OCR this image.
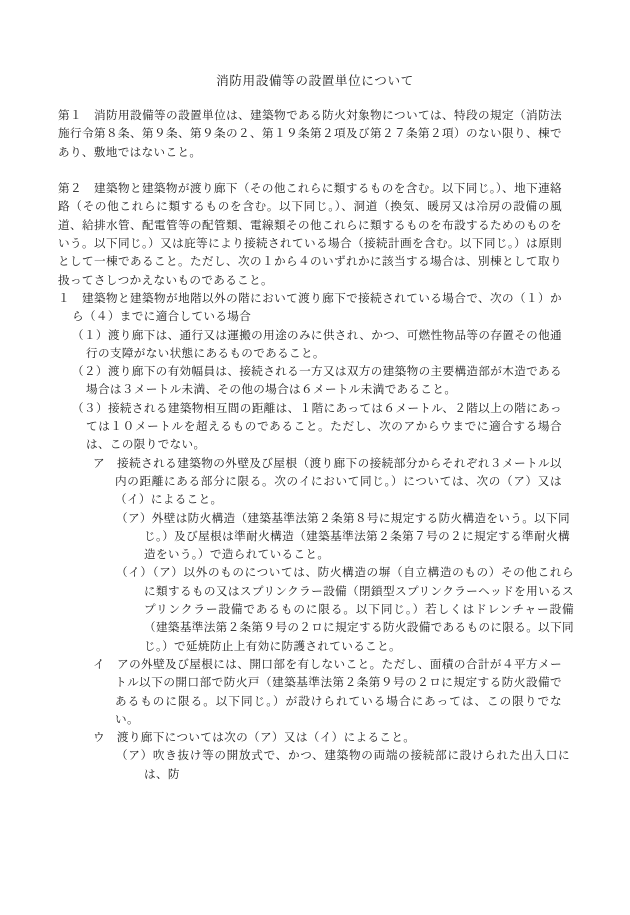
消防用設備等の設置単位について

第１　消防用設備等の設置単位は、建築物である防火対象物については、特段の規定（消防法施行令第８条、第９条、第９条の２、第１９条第２項及び第２７条第２項）のない限り、棟であり、敷地ではないこと。

第２　建築物と建築物が渡り廊下（その他これらに類するものを含む。以下同じ。）、地下連絡路（その他これらに類するものを含む。以下同じ。）、洞道（換気、暖房又は冷房の設備の風道、給排水管、配電管等の配管類、電線類その他これらに類するものを布設するためのものをいう。以下同じ。）又は庇等により接続されている場合（接続計画を含む。以下同じ。）は原則として一棟であること。ただし、次の１から４のいずれかに該当する場合は、別棟として取り扱ってさしつかえないものであること。

１　建築物と建築物が地階以外の階において渡り廊下で接続されている場合で、次の（１）から（４）までに適合している場合

（１）渡り廊下は、通行又は運搬の用途のみに供され、かつ、可燃性物品等の存置その他通行の支障がない状態にあるものであること。

（２）渡り廊下の有効幅員は、接続される一方又は双方の建築物の主要構造部が木造である場合は３メートル未満、その他の場合は６メートル未満であること。

（３）接続される建築物相互間の距離は、１階にあっては６メートル、２階以上の階にあっては１０メートルを超えるものであること。ただし、次のアからウまでに適合する場合は、この限りでない。

ア　接続される建築物の外壁及び屋根（渡り廊下の接続部分からそれぞれ３メートル以内の距離にある部分に限る。次のイにおいて同じ。）については、次の（ア）又は（イ）によること。

（ア）外壁は防火構造（建築基準法第２条第８号に規定する防火構造をいう。以下同じ。）及び屋根は準耐火構造（建築基準法第２条第７号の２に規定する準耐火構造をいう。）で造られていること。

（イ）（ア）以外のものについては、防火構造の塀（自立構造のもの）その他これらに類するもの又はスプリンクラー設備（閉鎖型スプリンクラーヘッドを用いるスプリンクラー設備であるものに限る。以下同じ。）若しくはドレンチャー設備（建築基準法第２条第９号の２ロに規定する防火設備であるものに限る。以下同じ。）で延焼防止上有効に防護されていること。

イ　アの外壁及び屋根には、開口部を有しないこと。ただし、面積の合計が４平方メートル以下の開口部で防火戸（建築基準法第２条第９号の２ロに規定する防火設備であるものに限る。以下同じ。）が設けられている場合にあっては、この限りでない。

ウ　渡り廊下については次の（ア）又は（イ）によること。

（ア）吹き抜け等の開放式で、かつ、建築物の両端の接続部に設けられた出入口には、防
